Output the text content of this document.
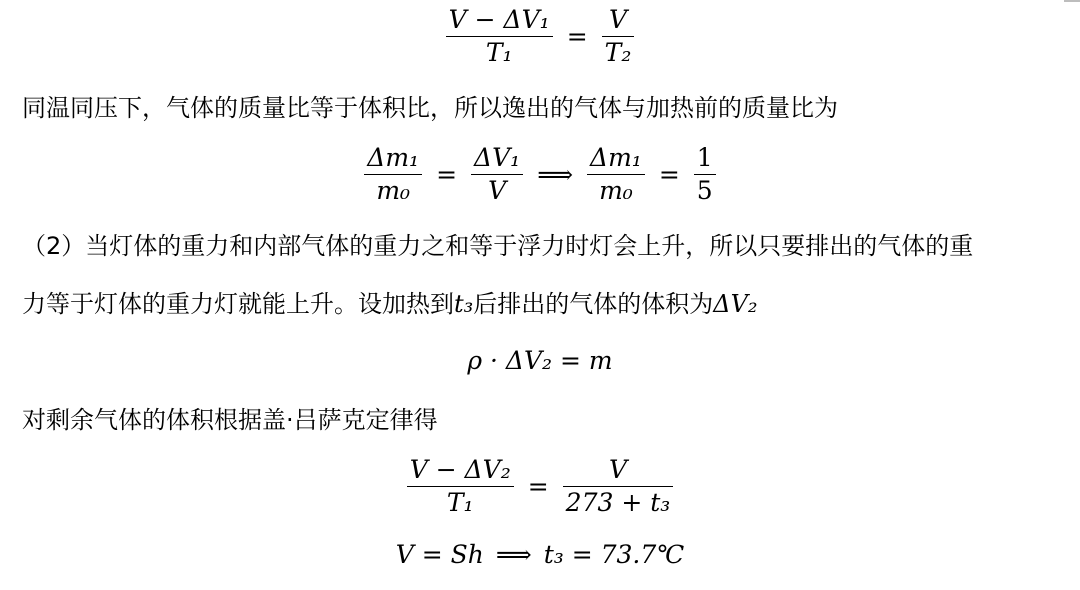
$\frac{\text{V − ΔV₁}}{\text{T₁}} = \frac{V}{\text{T₂}}$
同温同压下，气体的质量比等于体积比，所以逸出的气体与加热前的质量比为
$\frac{\text{Δm₁}}{\text{m₀}} = \frac{\text{ΔV₁}}{V}$ ⟹ $\frac{\text{Δm₁}}{\text{m₀}} = \frac{1}{5}$
（2）当灯体的重力和内部气体的重力之和等于浮力时灯会上升，所以只要排出的气体的重
力等于灯体的重力灯就能上升。设加热到t₃后排出的气体的体积为ΔV₂
ρ · ΔV₂ = m
对剩余气体的体积根据盖·吕萨克定律得
$\frac{\text{V − ΔV₂}}{\text{T₁}} = \frac{V}{\text{273 + t₃}}$
V = Sh ⟹ t₃ = 73.7℃
